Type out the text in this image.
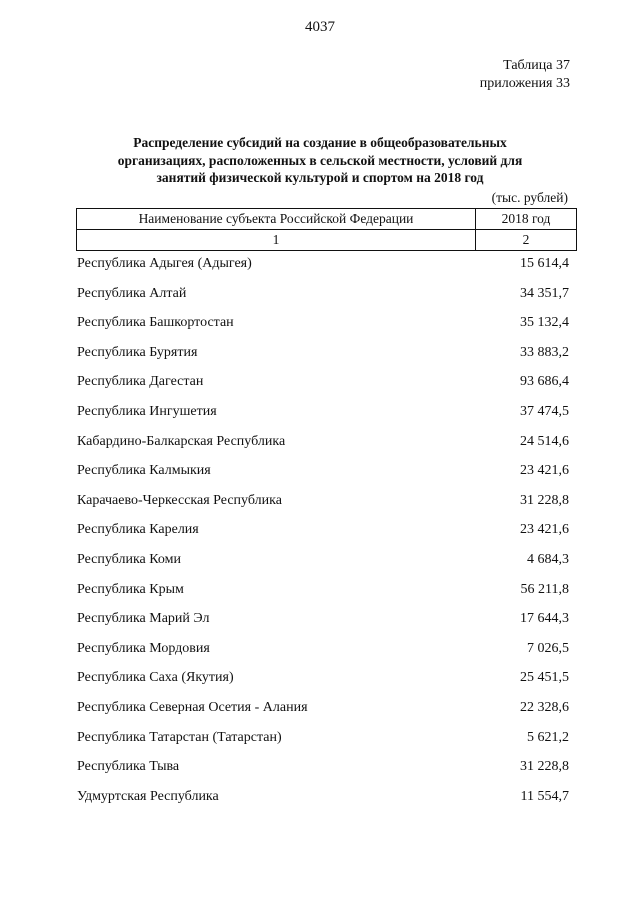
4037
Таблица 37
приложения 33
Распределение субсидий на создание в общеобразовательных
организациях, расположенных в сельской местности, условий для
занятий физической культурой и спортом на 2018 год
(тыс. рублей)
Наименование субъекта Российской Федерации	2018 год
1	2
Республика Адыгея (Адыгея)	15 614,4
Республика Алтай	34 351,7
Республика Башкортостан	35 132,4
Республика Бурятия	33 883,2
Республика Дагестан	93 686,4
Республика Ингушетия	37 474,5
Кабардино-Балкарская Республика	24 514,6
Республика Калмыкия	23 421,6
Карачаево-Черкесская Республика	31 228,8
Республика Карелия	23 421,6
Республика Коми	4 684,3
Республика Крым	56 211,8
Республика Марий Эл	17 644,3
Республика Мордовия	7 026,5
Республика Саха (Якутия)	25 451,5
Республика Северная Осетия - Алания	22 328,6
Республика Татарстан (Татарстан)	5 621,2
Республика Тыва	31 228,8
Удмуртская Республика	11 554,7
